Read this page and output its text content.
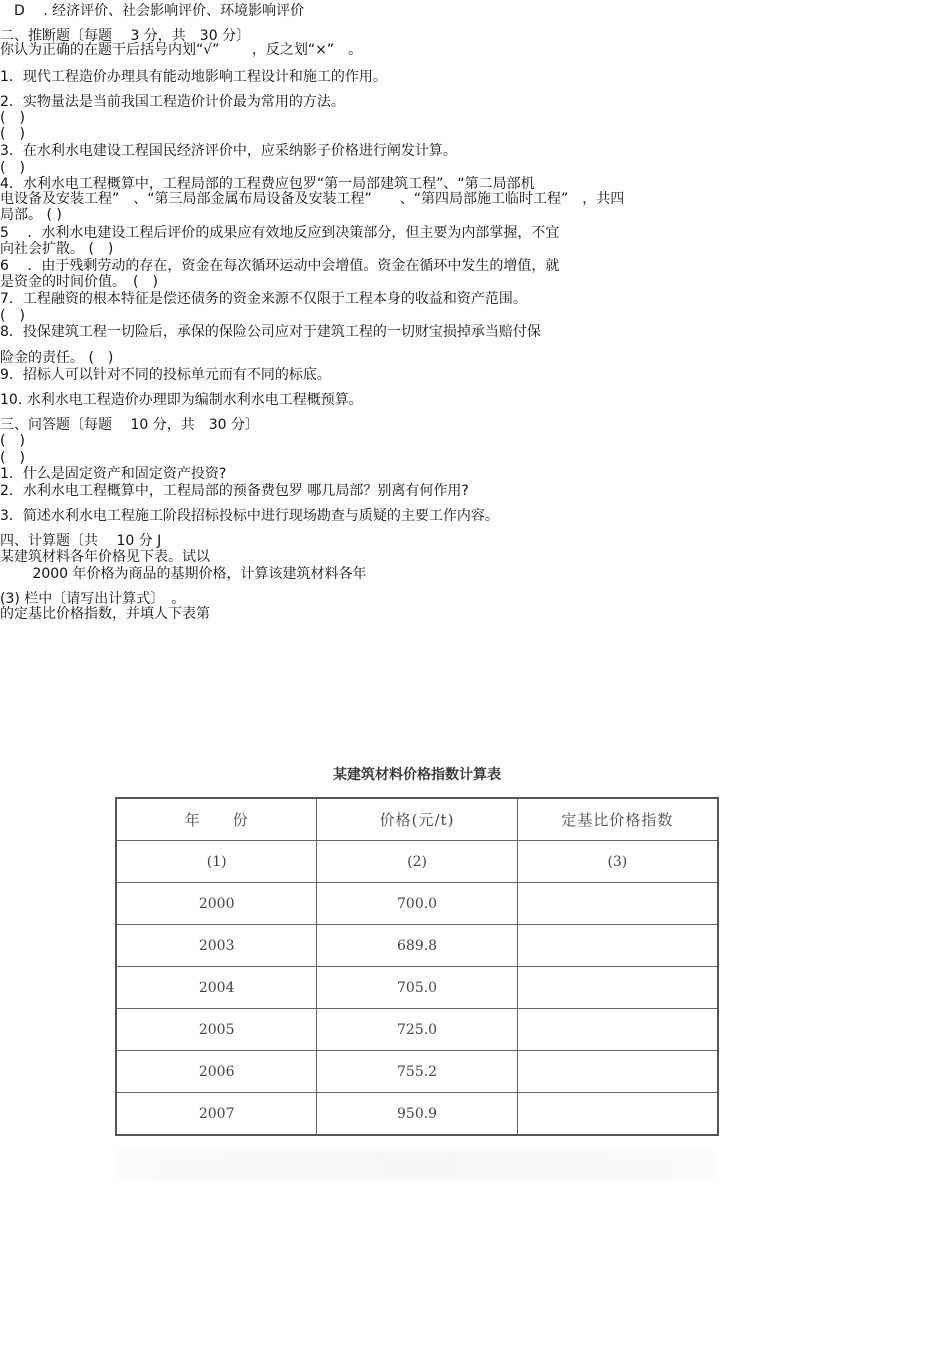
　D 　. 经济评价、社会影响评价、环境影响评价
二、推断题〔每题　 3 分，共　30 分〕
你认为正确的在题干后括号内划“√”　　 ，反之划“×”　。
1．现代工程造价办理具有能动地影响工程设计和施工的作用。
2．实物量法是当前我国工程造价计价最为常用的方法。
(　)
(　)
3．在水利水电建设工程国民经济评价中，应采纳影子价格进行阐发计算。
(　)
4．水利水电工程概算中，工程局部的工程费应包罗“第一局部建筑工程”、“第二局部机
电设备及安装工程”　、“第三局部金属布局设备及安装工程”　　、“第四局部施工临时工程”　，共四
局部。 ( )
5 　．水利水电建设工程后评价的成果应有效地反应到决策部分，但主要为内部掌握，不宜
向社会扩散。 (　)
6 　．由于残剩劳动的存在，资金在每次循环运动中会增值。资金在循环中发生的增值，就
是资金的时间价值。　(　)
7．工程融资的根本特征是偿还债务的资金来源不仅限于工程本身的收益和资产范围。
(　)
8．投保建筑工程一切险后，承保的保险公司应对于建筑工程的一切财宝损掉承当赔付保
险金的责任。 (　)
9．招标人可以针对不同的投标单元而有不同的标底。
10. 水利水电工程造价办理即为编制水利水电工程概预算。
三、问答题〔每题　 10 分，共　30 分〕
(　)
(　)
1．什么是固定资产和固定资产投资?
2．水利水电工程概算中，工程局部的预备费包罗 哪几局部？别离有何作用?
3．简述水利水电工程施工阶段招标投标中进行现场勘查与质疑的主要工作内容。
四、计算题〔共　 10 分 J
某建筑材料各年价格见下表。试以
　　 2000 年价格为商品的基期价格，计算该建筑材料各年
(3) 栏中〔请写出计算式〕　。
的定基比价格指数，并填人下表第
某建筑材料价格指数计算表
年　　份	价格(元/t)	定基比价格指数
(1)	(2)	(3)
2000	700.0	
2003	689.8	
2004	705.0	
2005	725.0	
2006	755.2	
2007	950.9	
